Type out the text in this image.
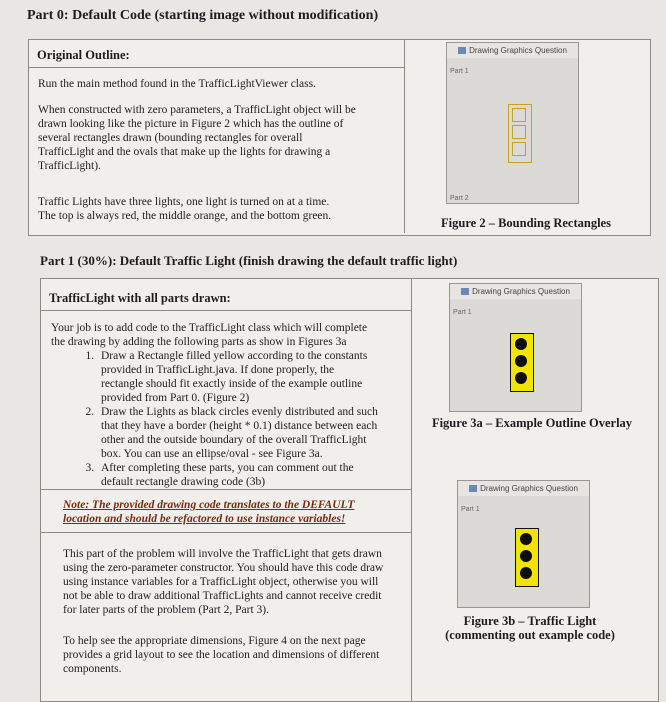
Part 0: Default Code (starting image without modification)
Original Outline:
Run the main method found in the TrafficLightViewer class.
When constructed with zero parameters, a TrafficLight object will be
drawn looking like the picture in Figure 2 which has the outline of
several rectangles drawn (bounding rectangles for overall
TrafficLight and the ovals that make up the lights for drawing a
TrafficLight).
Traffic Lights have three lights, one light is turned on at a time.
The top is always red, the middle orange, and the bottom green.
Drawing Graphics Question
Part 1
Part 2
Figure 2 – Bounding Rectangles
Part 1 (30%): Default Traffic Light (finish drawing the default traffic light)
TrafficLight with all parts drawn:
Your job is to add code to the TrafficLight class which will complete
the drawing by adding the following parts as show in Figures 3a
1. Draw a Rectangle filled yellow according to the constants
provided in TrafficLight.java. If done properly, the
rectangle should fit exactly inside of the example outline
provided from Part 0. (Figure 2)
2. Draw the Lights as black circles evenly distributed and such
that they have a border (height * 0.1) distance between each
other and the outside boundary of the overall TrafficLight
box. You can use an ellipse/oval - see Figure 3a.
3. After completing these parts, you can comment out the
default rectangle drawing code (3b)
Note: The provided drawing code translates to the DEFAULT
location and should be refactored to use instance variables!
This part of the problem will involve the TrafficLight that gets drawn
using the zero-parameter constructor. You should have this code draw
using instance variables for a TrafficLight object, otherwise you will
not be able to draw additional TrafficLights and cannot receive credit
for later parts of the problem (Part 2, Part 3).
To help see the appropriate dimensions, Figure 4 on the next page
provides a grid layout to see the location and dimensions of different
components.
Drawing Graphics Question
Part 1
Figure 3a – Example Outline Overlay
Drawing Graphics Question
Part 1
Figure 3b – Traffic Light
(commenting out example code)
